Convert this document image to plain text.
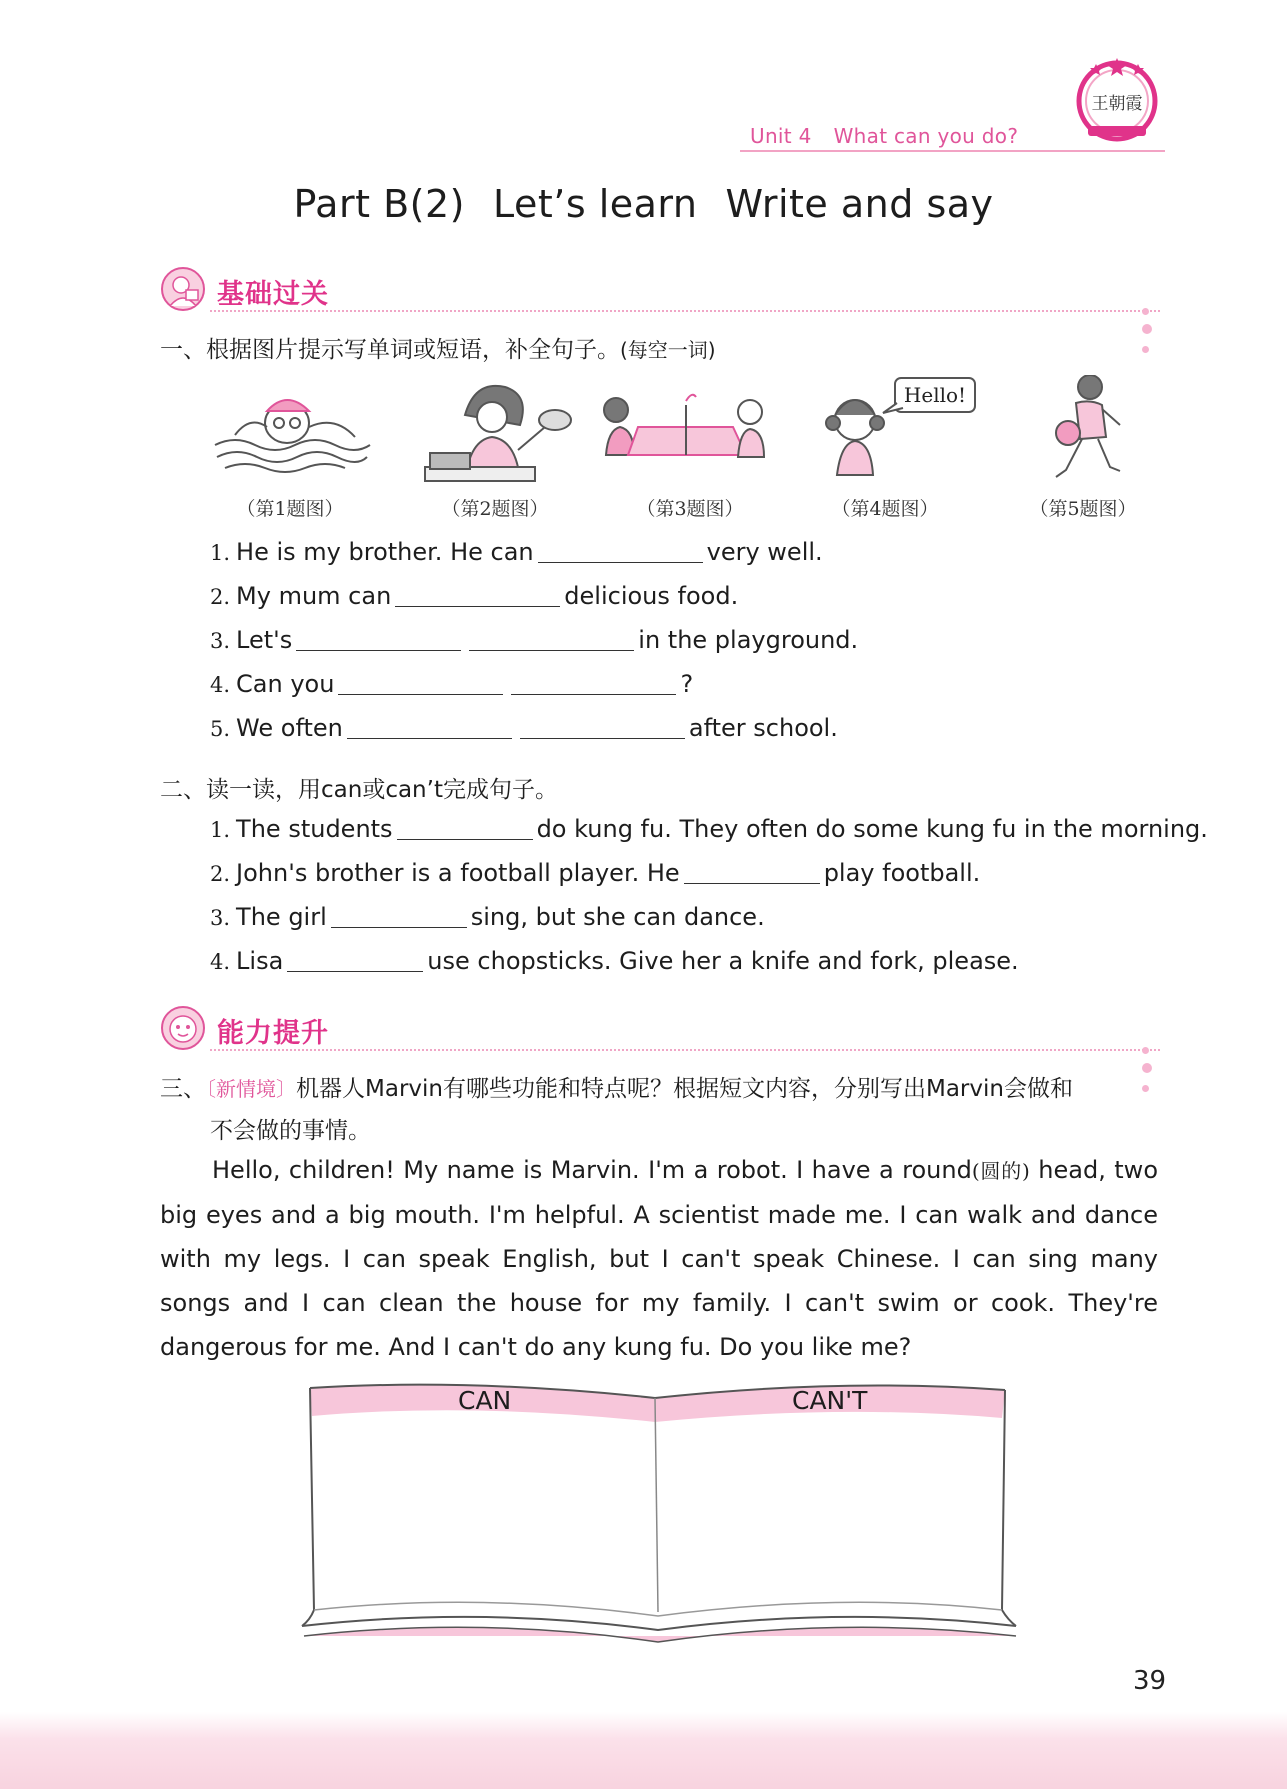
Unit 4 What can you do?
王朝霞
Part B(2) Let’s learn Write and say
基础过关
一、根据图片提示写单词或短语，补全句子。(每空一词)
Hello!
（第1题图）	（第2题图）	（第3题图）	（第4题图）	（第5题图）
1. He is my brother. He can	very well.
2. My mum can	delicious food.
3. Let's	in the playground.
4. Can you	?
5. We often	after school.
二、读一读，用can或can’t完成句子。
1. The students	do kung fu. They often do some kung fu in the morning.
2. John's brother is a football player. He	play football.
3. The girl	sing, but she can dance.
4. Lisa	use chopsticks. Give her a knife and fork, please.
能力提升
三、〔新情境〕机器人Marvin有哪些功能和特点呢？根据短文内容，分别写出Marvin会做和
不会做的事情。
Hello, children! My name is Marvin. I'm a robot. I have a round(圆的) head, two big eyes and a big mouth. I'm helpful. A scientist made me. I can walk and dance with my legs. I can speak English, but I can't speak Chinese. I can sing many songs and I can clean the house for my family. I can't swim or cook. They're dangerous for me. And I can't do any kung fu. Do you like me?
CAN	CAN'T
39
